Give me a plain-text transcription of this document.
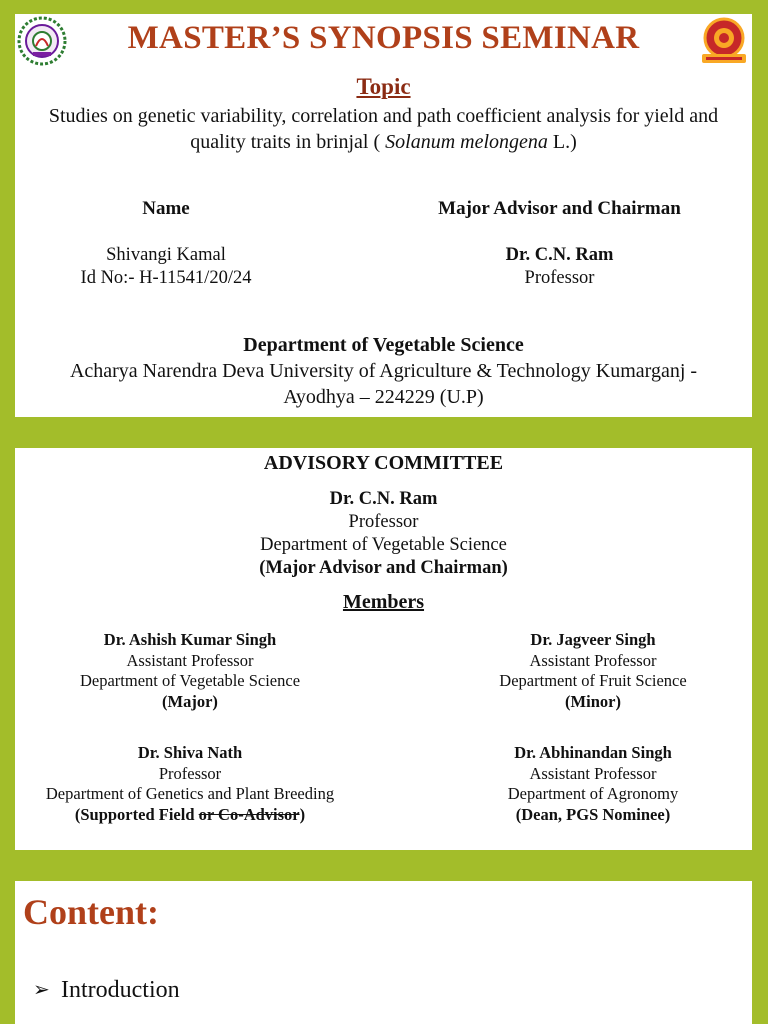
MASTER’S SYNOPSIS SEMINAR
Topic
Studies on genetic variability, correlation and path coefficient analysis for yield and quality traits in brinjal ( Solanum melongena L.)
Name	Major Advisor and Chairman
Shivangi Kamal
Id No:- H-11541/20/24
Dr. C.N. Ram
Professor
Department of Vegetable Science
Acharya Narendra Deva University of Agriculture & Technology Kumarganj - Ayodhya – 224229 (U.P)
ADVISORY COMMITTEE
Dr. C.N. Ram
Professor
Department of Vegetable Science
(Major Advisor and Chairman)
Members
Dr. Ashish Kumar Singh
Assistant Professor
Department of Vegetable Science
(Major)
Dr. Jagveer Singh
Assistant Professor
Department of Fruit Science
(Minor)
Dr. Shiva Nath
Professor
Department of Genetics and Plant Breeding
(Supported Field or Co-Advisor)
Dr. Abhinandan Singh
Assistant Professor
Department of Agronomy
(Dean, PGS Nominee)
Content:
➢ Introduction
